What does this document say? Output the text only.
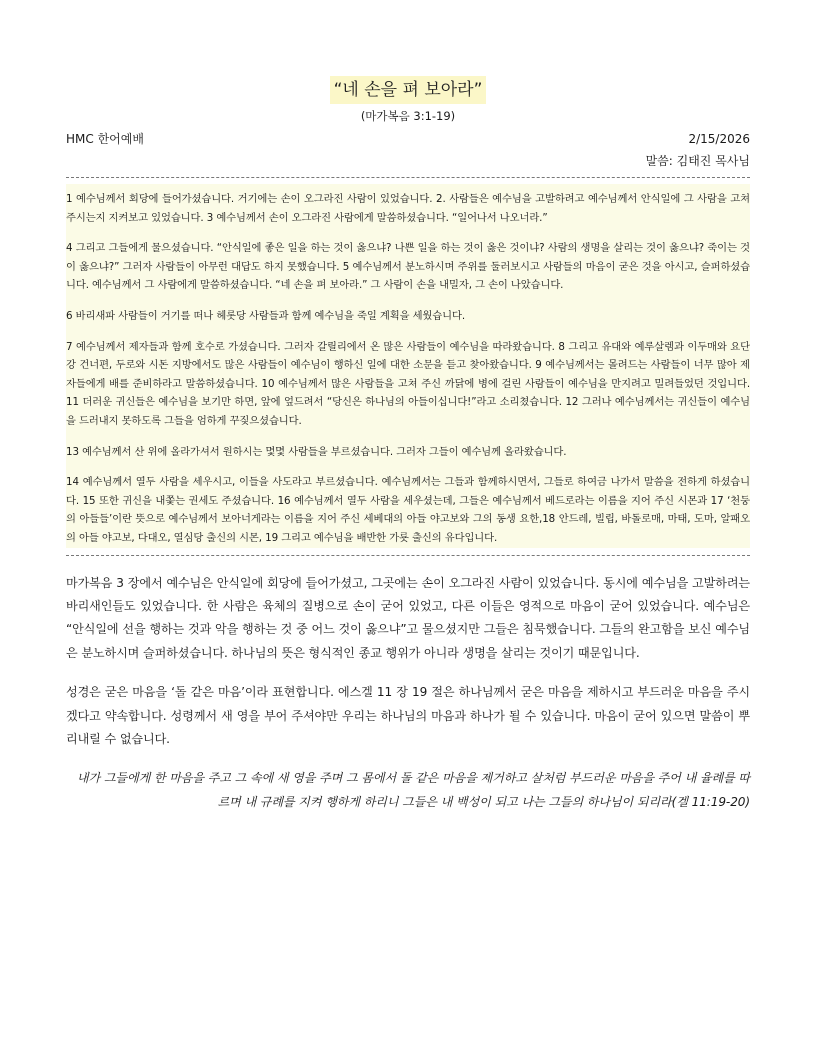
“네 손을 펴 보아라”
(마가복음 3:1-19)
HMC 한어예배	2/15/2026
말씀: 김태진 목사님

1 예수님께서 회당에 들어가셨습니다. 거기에는 손이 오그라진 사람이 있었습니다. 2. 사람들은 예수님을 고발하려고 예수님께서 안식일에 그 사람을 고쳐 주시는지 지켜보고 있었습니다. 3 예수님께서 손이 오그라진 사람에게 말씀하셨습니다. “일어나서 나오너라.”

4 그리고 그들에게 물으셨습니다. “안식일에 좋은 일을 하는 것이 옳으냐? 나쁜 일을 하는 것이 옳은 것이냐? 사람의 생명을 살리는 것이 옳으냐? 죽이는 것이 옳으냐?” 그러자 사람들이 아무런 대답도 하지 못했습니다. 5 예수님께서 분노하시며 주위를 둘러보시고 사람들의 마음이 굳은 것을 아시고, 슬퍼하셨습니다. 예수님께서 그 사람에게 말씀하셨습니다. “네 손을 펴 보아라.” 그 사람이 손을 내밀자, 그 손이 나았습니다.

6 바리새파 사람들이 거기를 떠나 헤롯당 사람들과 함께 예수님을 죽일 계획을 세웠습니다.

7 예수님께서 제자들과 함께 호수로 가셨습니다. 그러자 갈릴리에서 온 많은 사람들이 예수님을 따라왔습니다. 8 그리고 유대와 예루살렘과 이두매와 요단강 건너편, 두로와 시돈 지방에서도 많은 사람들이 예수님이 행하신 일에 대한 소문을 듣고 찾아왔습니다. 9 예수님께서는 몰려드는 사람들이 너무 많아 제자들에게 배를 준비하라고 말씀하셨습니다. 10 예수님께서 많은 사람들을 고쳐 주신 까닭에 병에 걸린 사람들이 예수님을 만지려고 밀려들었던 것입니다. 11 더러운 귀신들은 예수님을 보기만 하면, 앞에 엎드려서 “당신은 하나님의 아들이십니다!”라고 소리쳤습니다. 12 그러나 예수님께서는 귀신들이 예수님을 드러내지 못하도록 그들을 엄하게 꾸짖으셨습니다.

13 예수님께서 산 위에 올라가셔서 원하시는 몇몇 사람들을 부르셨습니다. 그러자 그들이 예수님께 올라왔습니다.

14 예수님께서 열두 사람을 세우시고, 이들을 사도라고 부르셨습니다. 예수님께서는 그들과 함께하시면서, 그들로 하여금 나가서 말씀을 전하게 하셨습니다. 15 또한 귀신을 내쫓는 권세도 주셨습니다. 16 예수님께서 열두 사람을 세우셨는데, 그들은 예수님께서 베드로라는 이름을 지어 주신 시몬과 17 ‘천둥의 아들들’이란 뜻으로 예수님께서 보아너게라는 이름을 지어 주신 세베대의 아들 야고보와 그의 동생 요한,18 안드레, 빌립, 바돌로매, 마태, 도마, 알패오의 아들 야고보, 다대오, 열심당 출신의 시몬, 19 그리고 예수님을 배반한 가룟 출신의 유다입니다.

마가복음 3 장에서 예수님은 안식일에 회당에 들어가셨고, 그곳에는 손이 오그라진 사람이 있었습니다. 동시에 예수님을 고발하려는 바리새인들도 있었습니다. 한 사람은 육체의 질병으로 손이 굳어 있었고, 다른 이들은 영적으로 마음이 굳어 있었습니다. 예수님은 “안식일에 선을 행하는 것과 악을 행하는 것 중 어느 것이 옳으냐”고 물으셨지만 그들은 침묵했습니다. 그들의 완고함을 보신 예수님은 분노하시며 슬퍼하셨습니다. 하나님의 뜻은 형식적인 종교 행위가 아니라 생명을 살리는 것이기 때문입니다.

성경은 굳은 마음을 ‘돌 같은 마음’이라 표현합니다. 에스겔 11 장 19 절은 하나님께서 굳은 마음을 제하시고 부드러운 마음을 주시겠다고 약속합니다. 성령께서 새 영을 부어 주셔야만 우리는 하나님의 마음과 하나가 될 수 있습니다. 마음이 굳어 있으면 말씀이 뿌리내릴 수 없습니다.

내가 그들에게 한 마음을 주고 그 속에 새 영을 주며 그 몸에서 돌 같은 마음을 제거하고 살처럼 부드러운 마음을 주어 내 율례를 따르며 내 규례를 지켜 행하게 하리니 그들은 내 백성이 되고 나는 그들의 하나님이 되리라(겔 11:19-20)
